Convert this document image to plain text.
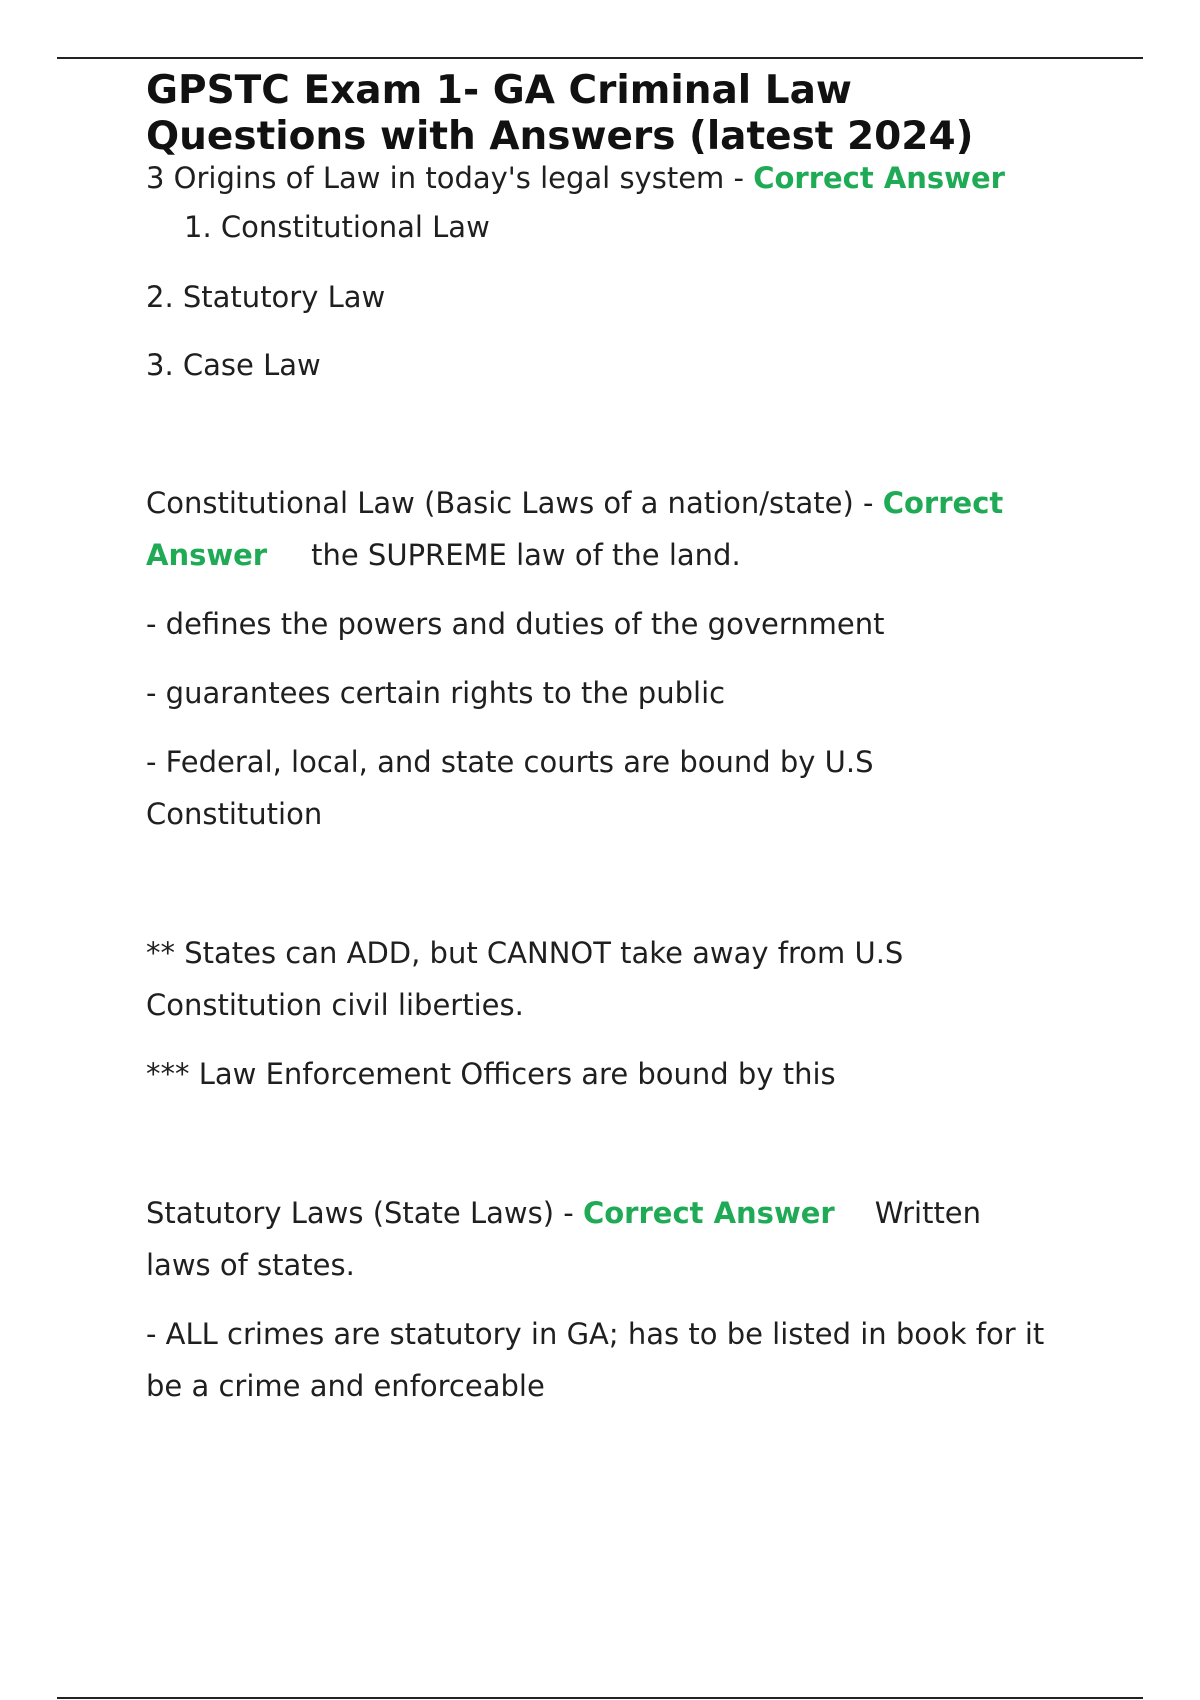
GPSTC Exam 1- GA Criminal Law
Questions with Answers (latest 2024)
3 Origins of Law in today's legal system - Correct Answer
1. Constitutional Law
2. Statutory Law
3. Case Law
Constitutional Law (Basic Laws of a nation/state) - Correct
Answer the SUPREME law of the land.
- defines the powers and duties of the government
- guarantees certain rights to the public
- Federal, local, and state courts are bound by U.S
Constitution
** States can ADD, but CANNOT take away from U.S
Constitution civil liberties.
*** Law Enforcement Officers are bound by this
Statutory Laws (State Laws) - Correct Answer Written
laws of states.
- ALL crimes are statutory in GA; has to be listed in book for it
be a crime and enforceable
